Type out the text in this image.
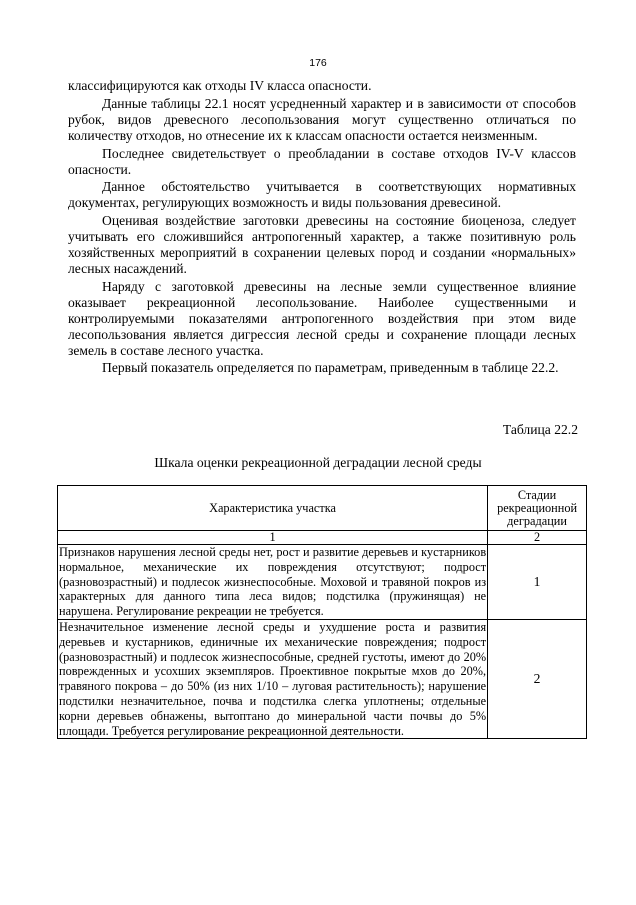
176

классифицируются как отходы IV класса опасности.

Данные таблицы 22.1 носят усредненный характер и в зависимости от способов рубок, видов древесного лесопользования могут существенно отличаться по количеству отходов, но отнесение их к классам опасности остается неизменным.

Последнее свидетельствует о преобладании в составе отходов IV-V классов опасности.

Данное обстоятельство учитывается в соответствующих нормативных документах, регулирующих возможность и виды пользования древесиной.

Оценивая воздействие заготовки древесины на состояние биоценоза, следует учитывать его сложившийся антропогенный характер, а также позитивную роль хозяйственных мероприятий в сохранении целевых пород и создании «нормальных» лесных насаждений.

Наряду с заготовкой древесины на лесные земли существенное влияние оказывает рекреационной лесопользование. Наиболее существенными и контролируемыми показателями антропогенного воздействия при этом виде лесопользования является дигрессия лесной среды и сохранение площади лесных земель в составе лесного участка.

Первый показатель определяется по параметрам, приведенным в таблице 22.2.

Таблица 22.2
Шкала оценки рекреационной деградации лесной среды
Характеристика участка	Стадии рекреационной деградации
1	2
Признаков нарушения лесной среды нет, рост и развитие деревьев и кустарников нормальное, механические их повреждения отсутствуют; подрост (разновозрастный) и подлесок жизнеспособные. Моховой и травяной покров из характерных для данного типа леса видов; подстилка (пружинящая) не нарушена. Регулирование рекреации не требуется.	1
Незначительное изменение лесной среды и ухудшение роста и развития деревьев и кустарников, единичные их механические повреждения; подрост (разновозрастный) и подлесок жизнеспособные, средней густоты, имеют до 20% поврежденных и усохших экземпляров. Проективное покрытые мхов до 20%, травяного покрова – до 50% (из них 1/10 – луговая растительность); нарушение подстилки незначительное, почва и подстилка слегка уплотнены; отдельные корни деревьев обнажены, вытоптано до минеральной части почвы до 5% площади. Требуется регулирование рекреационной деятельности.	2
